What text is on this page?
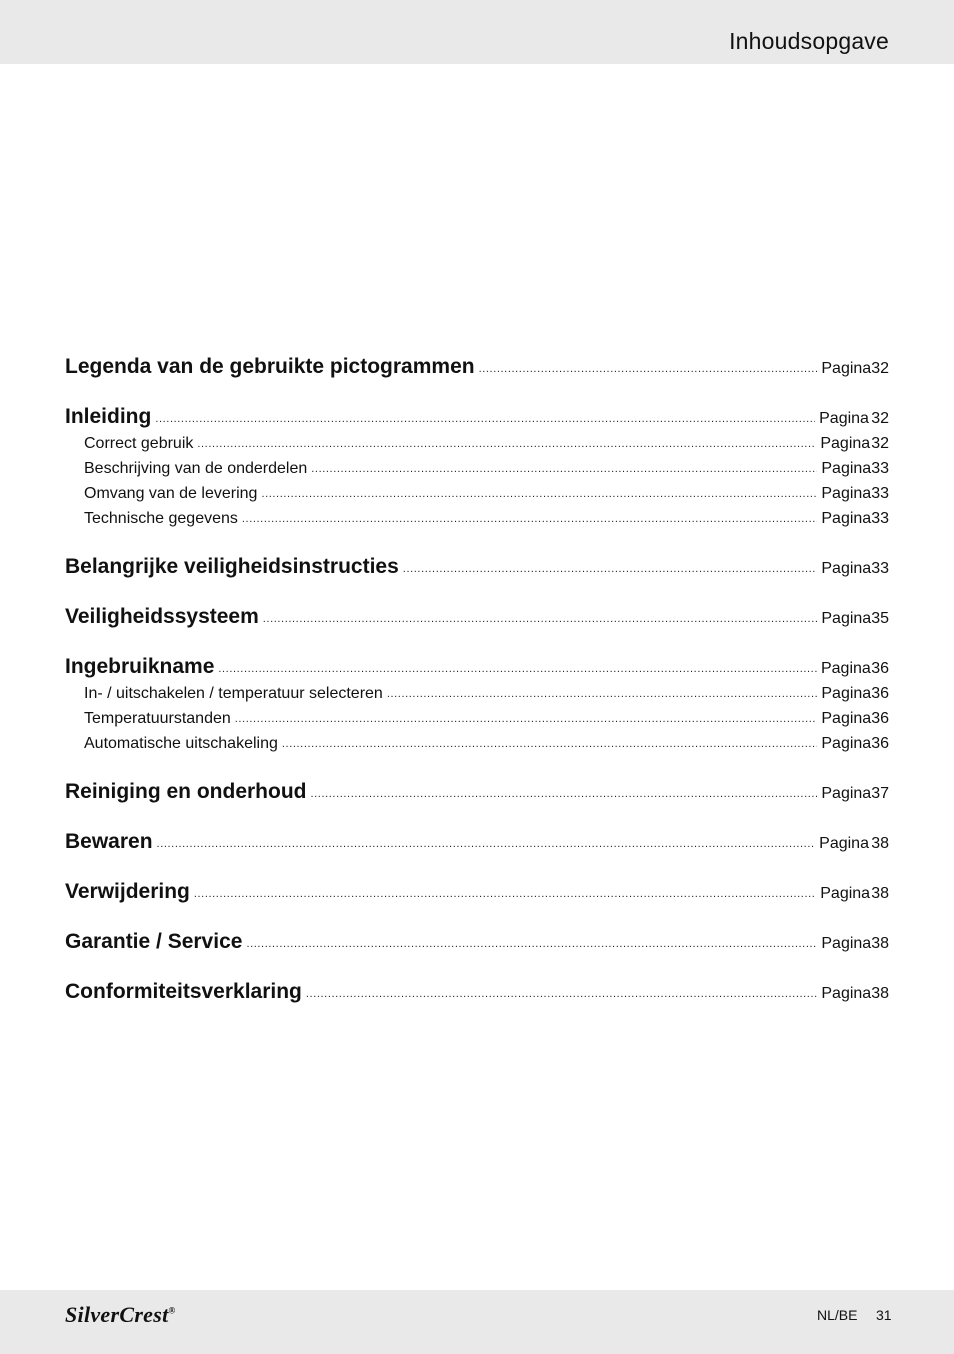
Inhoudsopgave
Legenda van de gebruikte pictogrammen .....	Pagina 32
Inleiding .....	Pagina 32
Correct gebruik .....	Pagina 32
Beschrijving van de onderdelen .....	Pagina 33
Omvang van de levering .....	Pagina 33
Technische gegevens .....	Pagina 33
Belangrijke veiligheidsinstructies .....	Pagina 33
Veiligheidssysteem .....	Pagina 35
Ingebruikname .....	Pagina 36
In- / uitschakelen / temperatuur selecteren .....	Pagina 36
Temperatuurstanden .....	Pagina 36
Automatische uitschakeling .....	Pagina 36
Reiniging en onderhoud .....	Pagina 37
Bewaren .....	Pagina 38
Verwijdering .....	Pagina 38
Garantie / Service .....	Pagina 38
Conformiteitsverklaring .....	Pagina 38
SilverCrest®	NL/BE 31
